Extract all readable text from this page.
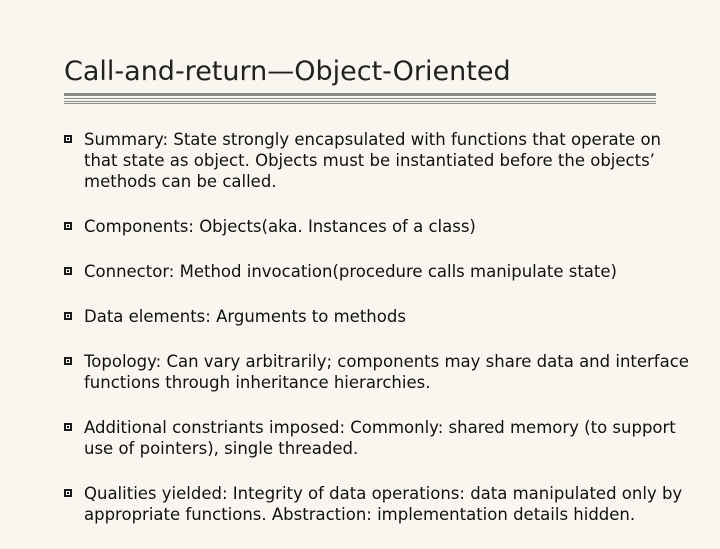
Call-and-return—Object-Oriented
Summary: State strongly encapsulated with functions that operate on that state as object. Objects must be instantiated before the objects’ methods can be called.
Components: Objects(aka. Instances of a class)
Connector: Method invocation(procedure calls manipulate state)
Data elements: Arguments to methods
Topology: Can vary arbitrarily; components may share data and interface functions through inheritance hierarchies.
Additional constriants imposed: Commonly: shared memory (to support use of pointers), single threaded.
Qualities yielded: Integrity of data operations: data manipulated only by appropriate functions. Abstraction: implementation details hidden.
